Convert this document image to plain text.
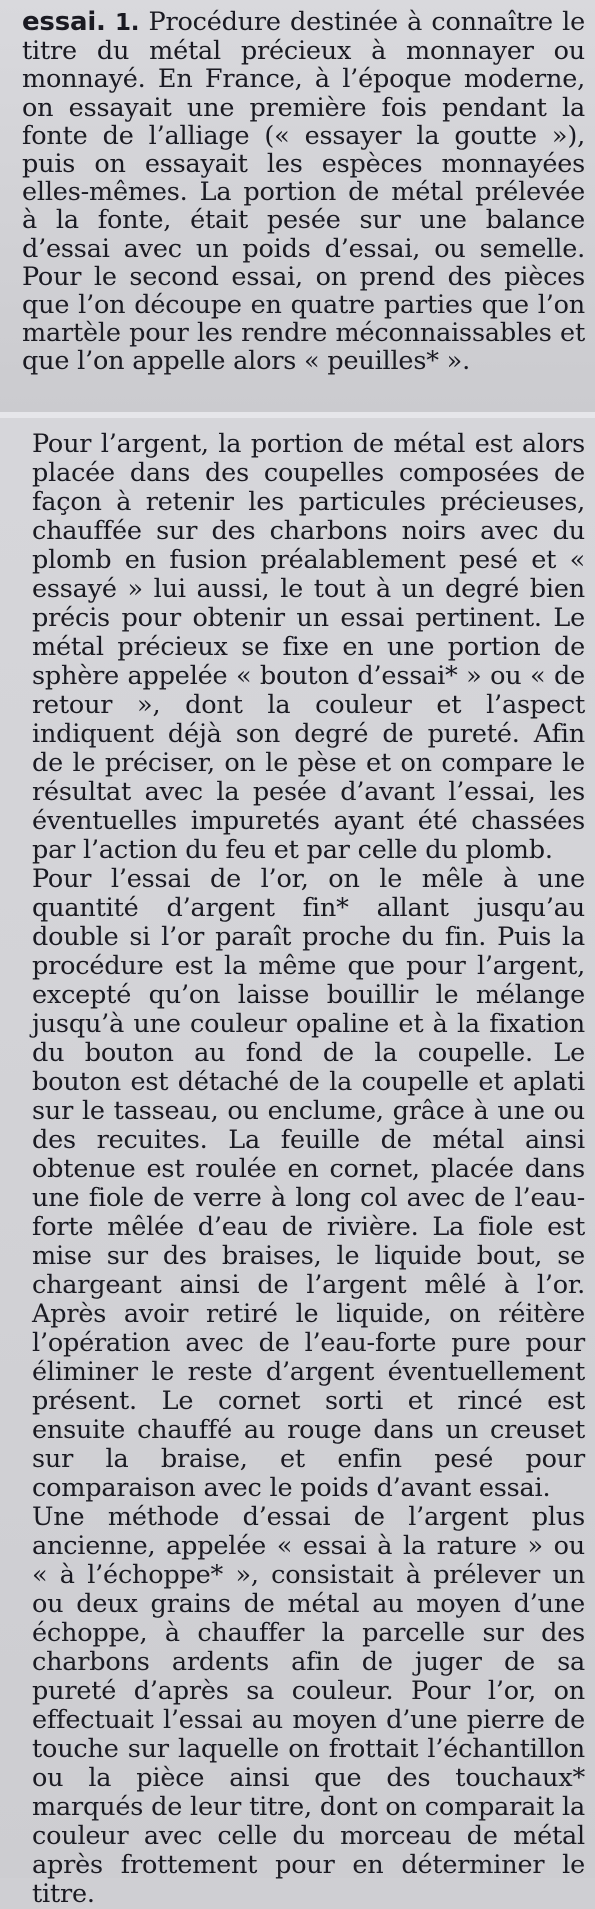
essai. 1. Procédure destinée à connaître le titre du métal précieux à monnayer ou monnayé. En France, à l’époque moderne, on essayait une première fois pendant la fonte de l’alliage (« essayer la goutte »), puis on essayait les espèces monnayées elles-mêmes. La portion de métal prélevée à la fonte, était pesée sur une balance d’essai avec un poids d’essai, ou semelle. Pour le second essai, on prend des pièces que l’on découpe en quatre parties que l’on martèle pour les rendre méconnaissables et que l’on appelle alors « peuilles* ».

Pour l’argent, la portion de métal est alors placée dans des coupelles composées de façon à retenir les particules précieuses, chauffée sur des charbons noirs avec du plomb en fusion préalablement pesé et « essayé » lui aussi, le tout à un degré bien précis pour obtenir un essai pertinent. Le métal précieux se fixe en une portion de sphère appelée « bouton d’essai* » ou « de retour », dont la couleur et l’aspect indiquent déjà son degré de pureté. Afin de le préciser, on le pèse et on compare le résultat avec la pesée d’avant l’essai, les éventuelles impuretés ayant été chassées par l’action du feu et par celle du plomb.

Pour l’essai de l’or, on le mêle à une quantité d’argent fin* allant jusqu’au double si l’or paraît proche du fin. Puis la procédure est la même que pour l’argent, excepté qu’on laisse bouillir le mélange jusqu’à une couleur opaline et à la fixation du bouton au fond de la coupelle. Le bouton est détaché de la coupelle et aplati sur le tasseau, ou enclume, grâce à une ou des recuites. La feuille de métal ainsi obtenue est roulée en cornet, placée dans une fiole de verre à long col avec de l’eau-forte mêlée d’eau de rivière. La fiole est mise sur des braises, le liquide bout, se chargeant ainsi de l’argent mêlé à l’or. Après avoir retiré le liquide, on réitère l’opération avec de l’eau-forte pure pour éliminer le reste d’argent éventuellement présent. Le cornet sorti et rincé est ensuite chauffé au rouge dans un creuset sur la braise, et enfin pesé pour comparaison avec le poids d’avant essai.

Une méthode d’essai de l’argent plus ancienne, appelée « essai à la rature » ou « à l’échoppe* », consistait à prélever un ou deux grains de métal au moyen d’une échoppe, à chauffer la parcelle sur des charbons ardents afin de juger de sa pureté d’après sa couleur. Pour l’or, on effectuait l’essai au moyen d’une pierre de touche sur laquelle on frottait l’échantillon ou la pièce ainsi que des touchaux* marqués de leur titre, dont on comparait la couleur avec celle du morceau de métal après frottement pour en déterminer le titre.
